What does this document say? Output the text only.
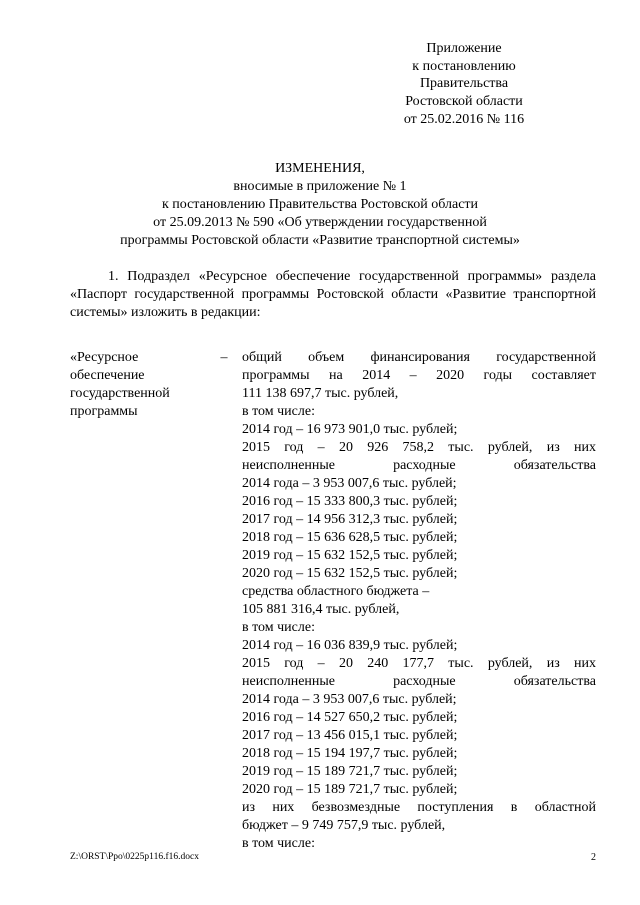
Приложение
к постановлению
Правительства
Ростовской области
от 25.02.2016 № 116
ИЗМЕНЕНИЯ,
вносимые в приложение № 1
к постановлению Правительства Ростовской области
от 25.09.2013 № 590 «Об утверждении государственной
программы Ростовской области «Развитие транспортной системы»
1. Подраздел «Ресурсное обеспечение государственной программы» раздела «Паспорт государственной программы Ростовской области «Развитие транспортной системы» изложить в редакции:
«Ресурсное
обеспечение
государственной
программы
– общий объем финансирования государственной
программы на 2014 – 2020 годы составляет
111 138 697,7 тыс. рублей,
в том числе:
2014 год – 16 973 901,0 тыс. рублей;
2015 год – 20 926 758,2 тыс. рублей, из них
неисполненные расходные обязательства
2014 года – 3 953 007,6 тыс. рублей;
2016 год – 15 333 800,3 тыс. рублей;
2017 год – 14 956 312,3 тыс. рублей;
2018 год – 15 636 628,5 тыс. рублей;
2019 год – 15 632 152,5 тыс. рублей;
2020 год – 15 632 152,5 тыс. рублей;
средства областного бюджета –
105 881 316,4 тыс. рублей,
в том числе:
2014 год – 16 036 839,9 тыс. рублей;
2015 год – 20 240 177,7 тыс. рублей, из них
неисполненные расходные обязательства
2014 года – 3 953 007,6 тыс. рублей;
2016 год – 14 527 650,2 тыс. рублей;
2017 год – 13 456 015,1 тыс. рублей;
2018 год – 15 194 197,7 тыс. рублей;
2019 год – 15 189 721,7 тыс. рублей;
2020 год – 15 189 721,7 тыс. рублей;
из них безвозмездные поступления в областной
бюджет – 9 749 757,9 тыс. рублей,
в том числе:
Z:\ORST\Ppo\0225p116.f16.docx	2
